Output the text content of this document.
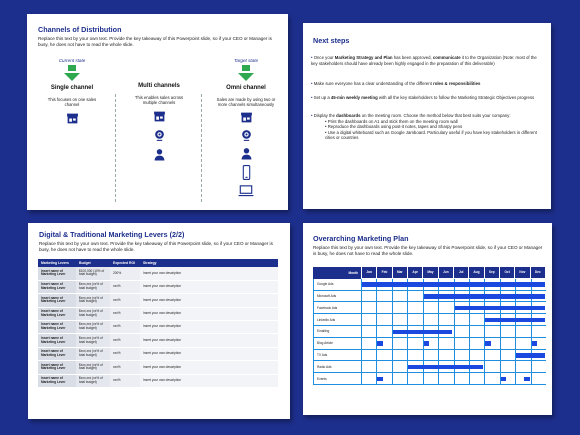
Channels of Distribution
Replace this text by your own text. Provide the key takeaway of this Powerpoint slide, so if your CEO or Manager is busy, he does not have to read the whole slide.
Current state
Single channel
This focuses on one sales channel
Multi channels
This enables sales across multiple channels
Target state
Omni channel
Sales are made by using two or more channels simultaneously
Next steps
• Once your Marketing Strategy and Plan has been approved, communicate it to the Organization (Note: most of the key stakeholders should have already been highly engaged in the preparation of this deliverable)
• Make sure everyone has a clear understanding of the different roles & responsibilities
• Set up a 45-min weekly meeting with all the key stakeholders to follow the Marketing Strategic Objectives progress
• Display the dashboards on the meeting room. Choose the method below that best suits your company:
• Print the dashboards on A1 and stick them on the meeting room wall
• Reproduce the dashboards using post-it notes, tapes and Sharpy pens
• Use a digital whiteboard such as Google Jamboard. Particulary useful if you have key stakeholders in different cities or countries
Digital & Traditional Marketing Levers (2/2)
Replace this text by your own text. Provide the key takeaway of this Powerpoint slide, so if your CEO or Manager is busy, he does not have to read the whole slide.
Marketing Levers	Budget	Expected ROI	Strategy
Insert name of Marketing Lever	$100,000 (10% of total budget)	200%	Insert your own description
Insert name of Marketing Lever	$xxx,xxx (xx% of total budget)	xxx%	Insert your own description
Insert name of Marketing Lever	$xxx,xxx (xx% of total budget)	xxx%	Insert your own description
Insert name of Marketing Lever	$xxx,xxx (xx% of total budget)	xxx%	Insert your own description
Insert name of Marketing Lever	$xxx,xxx (xx% of total budget)	xxx%	Insert your own description
Insert name of Marketing Lever	$xxx,xxx (xx% of total budget)	xxx%	Insert your own description
Insert name of Marketing Lever	$xxx,xxx (xx% of total budget)	xxx%	Insert your own description
Insert name of Marketing Lever	$xxx,xxx (xx% of total budget)	xxx%	Insert your own description
Insert name of Marketing Lever	$xxx,xxx (xx% of total budget)	xxx%	Insert your own description
Overarching Marketing Plan
Replace this text by your own text. Provide the key takeaway of this Powerpoint slide, so if your CEO or Manager is busy, he does not have to read the whole slide.
Month	Jan	Feb	Mar	Apr	May	Jun	Jul	Aug	Sep	Oct	Nov	Dec
Google Ads
Microsoft Ads
Facebook Ads
Linkedin Ads
Emailing
Blog Article
TV Ads
Radio Ads
Events
